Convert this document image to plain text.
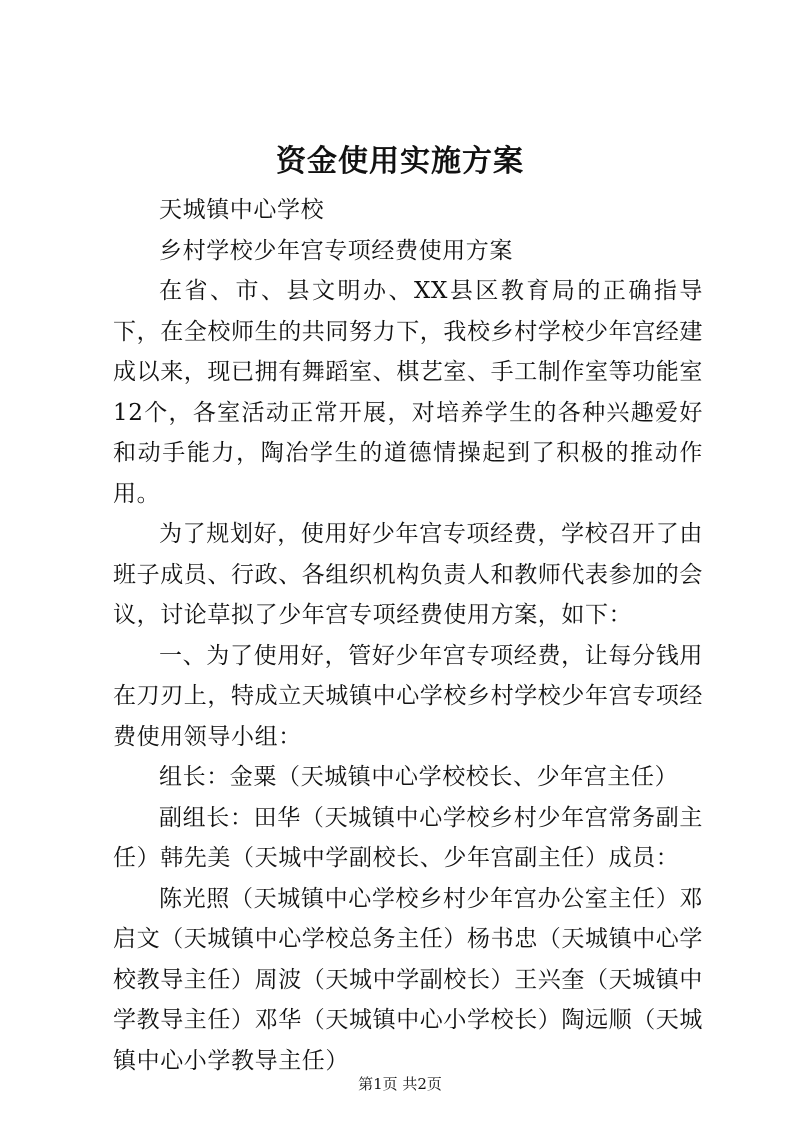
资金使用实施方案

天城镇中心学校

乡村学校少年宫专项经费使用方案

在省、市、县文明办、XX县区教育局的正确指导下，在全校师生的共同努力下，我校乡村学校少年宫经建成以来，现已拥有舞蹈室、棋艺室、手工制作室等功能室12个，各室活动正常开展，对培养学生的各种兴趣爱好和动手能力，陶冶学生的道德情操起到了积极的推动作用。

为了规划好，使用好少年宫专项经费，学校召开了由班子成员、行政、各组织机构负责人和教师代表参加的会议，讨论草拟了少年宫专项经费使用方案，如下：

一、为了使用好，管好少年宫专项经费，让每分钱用在刀刃上，特成立天城镇中心学校乡村学校少年宫专项经费使用领导小组：

组长：金粟（天城镇中心学校校长、少年宫主任）

副组长：田华（天城镇中心学校乡村少年宫常务副主任）韩先美（天城中学副校长、少年宫副主任）成员：

陈光照（天城镇中心学校乡村少年宫办公室主任）邓启文（天城镇中心学校总务主任）杨书忠（天城镇中心学校教导主任）周波（天城中学副校长）王兴奎（天城镇中学教导主任）邓华（天城镇中心小学校长）陶远顺（天城镇中心小学教导主任）

第1页 共2页
